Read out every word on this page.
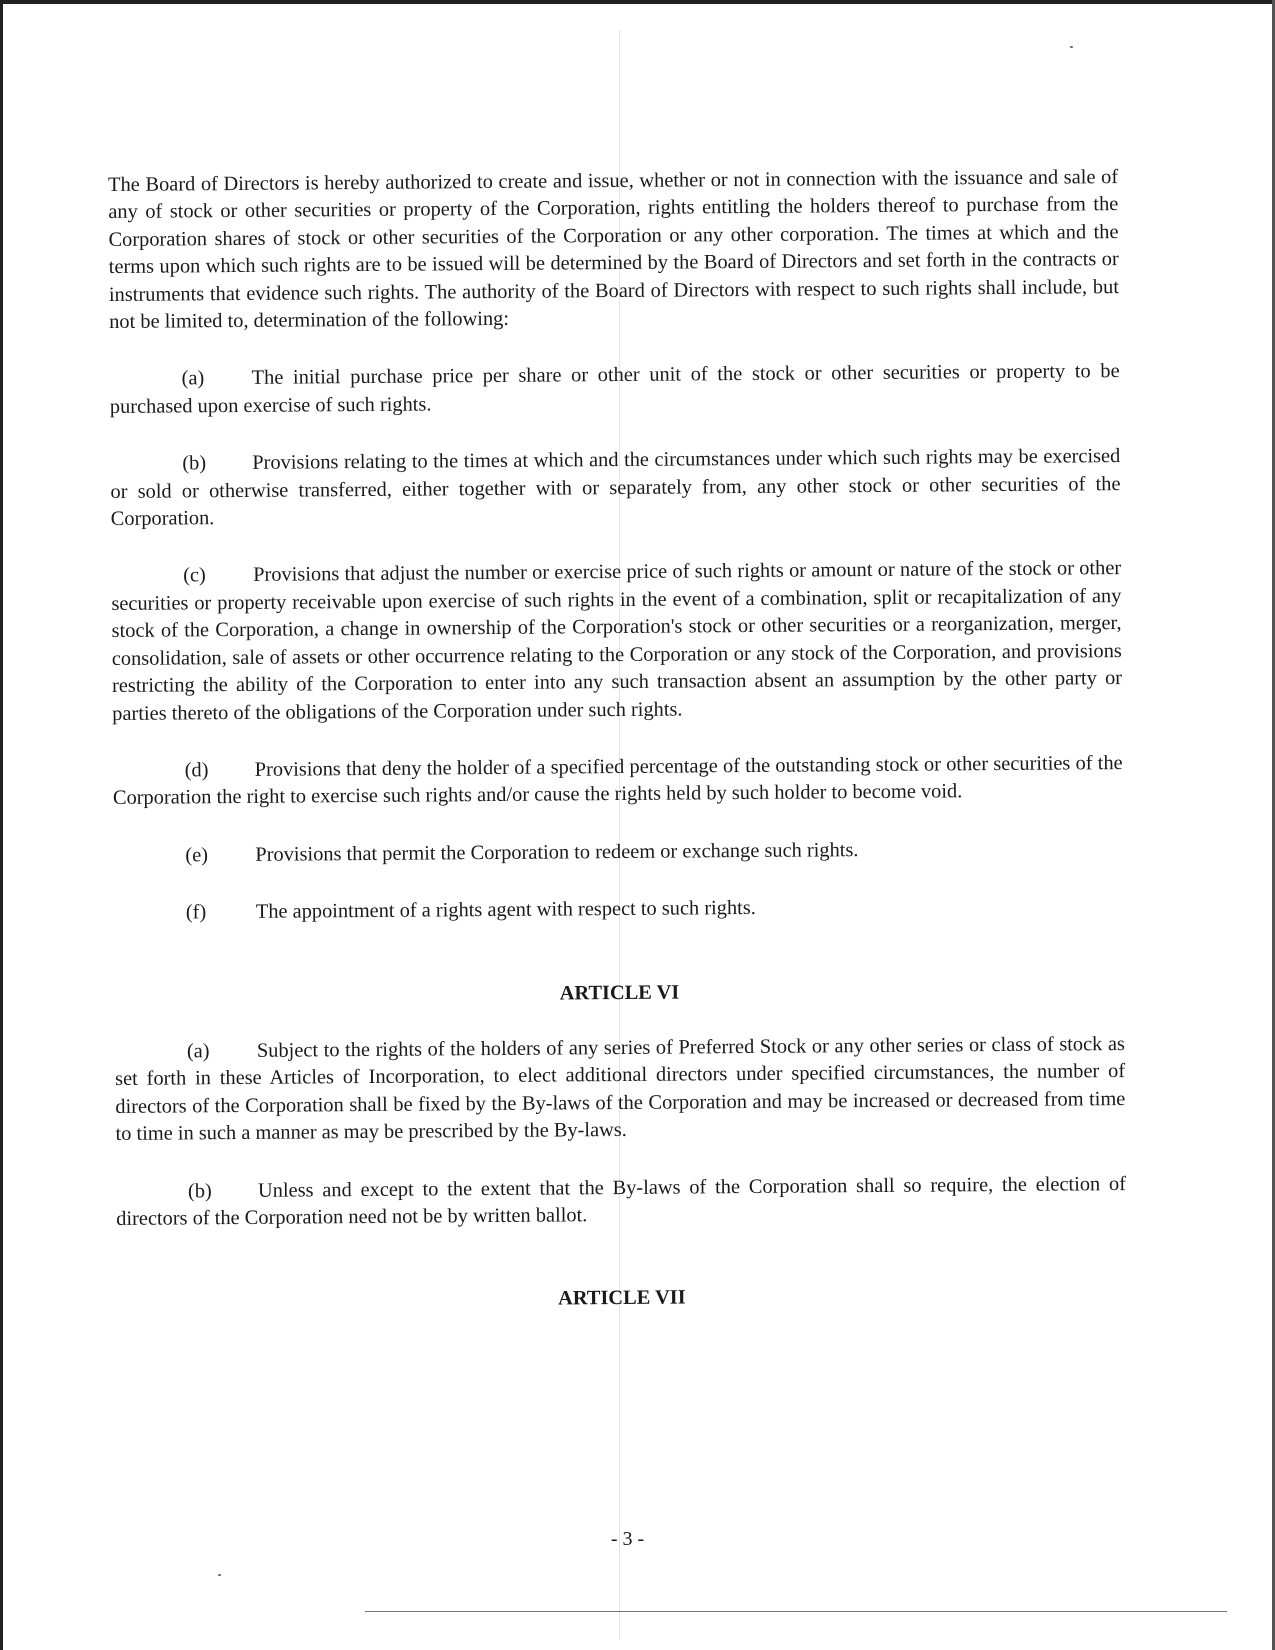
The Board of Directors is hereby authorized to create and issue, whether or not in connection with the issuance and sale of any of stock or other securities or property of the Corporation, rights entitling the holders thereof to purchase from the Corporation shares of stock or other securities of the Corporation or any other corporation. The times at which and the terms upon which such rights are to be issued will be determined by the Board of Directors and set forth in the contracts or instruments that evidence such rights. The authority of the Board of Directors with respect to such rights shall include, but not be limited to, determination of the following:

(a) The initial purchase price per share or other unit of the stock or other securities or property to be purchased upon exercise of such rights.

(b) Provisions relating to the times at which and the circumstances under which such rights may be exercised or sold or otherwise transferred, either together with or separately from, any other stock or other securities of the Corporation.

(c) Provisions that adjust the number or exercise price of such rights or amount or nature of the stock or other securities or property receivable upon exercise of such rights in the event of a combination, split or recapitalization of any stock of the Corporation, a change in ownership of the Corporation's stock or other securities or a reorganization, merger, consolidation, sale of assets or other occurrence relating to the Corporation or any stock of the Corporation, and provisions restricting the ability of the Corporation to enter into any such transaction absent an assumption by the other party or parties thereto of the obligations of the Corporation under such rights.

(d) Provisions that deny the holder of a specified percentage of the outstanding stock or other securities of the Corporation the right to exercise such rights and/or cause the rights held by such holder to become void.

(e) Provisions that permit the Corporation to redeem or exchange such rights.

(f) The appointment of a rights agent with respect to such rights.

ARTICLE VI

(a) Subject to the rights of the holders of any series of Preferred Stock or any other series or class of stock as set forth in these Articles of Incorporation, to elect additional directors under specified circumstances, the number of directors of the Corporation shall be fixed by the By-laws of the Corporation and may be increased or decreased from time to time in such a manner as may be prescribed by the By-laws.

(b) Unless and except to the extent that the By-laws of the Corporation shall so require, the election of directors of the Corporation need not be by written ballot.

ARTICLE VII
- 3 -
